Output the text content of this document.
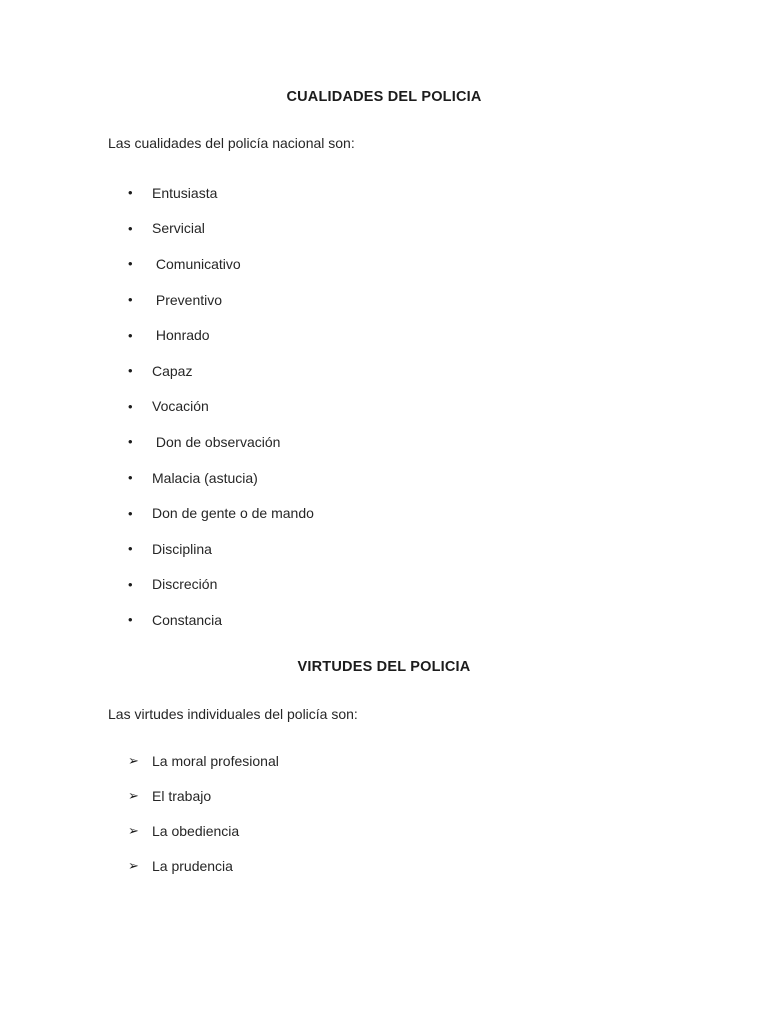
CUALIDADES DEL POLICIA

Las cualidades del policía nacional son:

•	Entusiasta
•	Servicial
•	Comunicativo
•	Preventivo
•	Honrado
•	Capaz
•	Vocación
•	Don de observación
•	Malacia (astucia)
•	Don de gente o de mando
•	Disciplina
•	Discreción
•	Constancia
VIRTUDES DEL POLICIA

Las virtudes individuales del policía son:

➢ La moral profesional
➢ El trabajo
➢ La obediencia
➢ La prudencia
